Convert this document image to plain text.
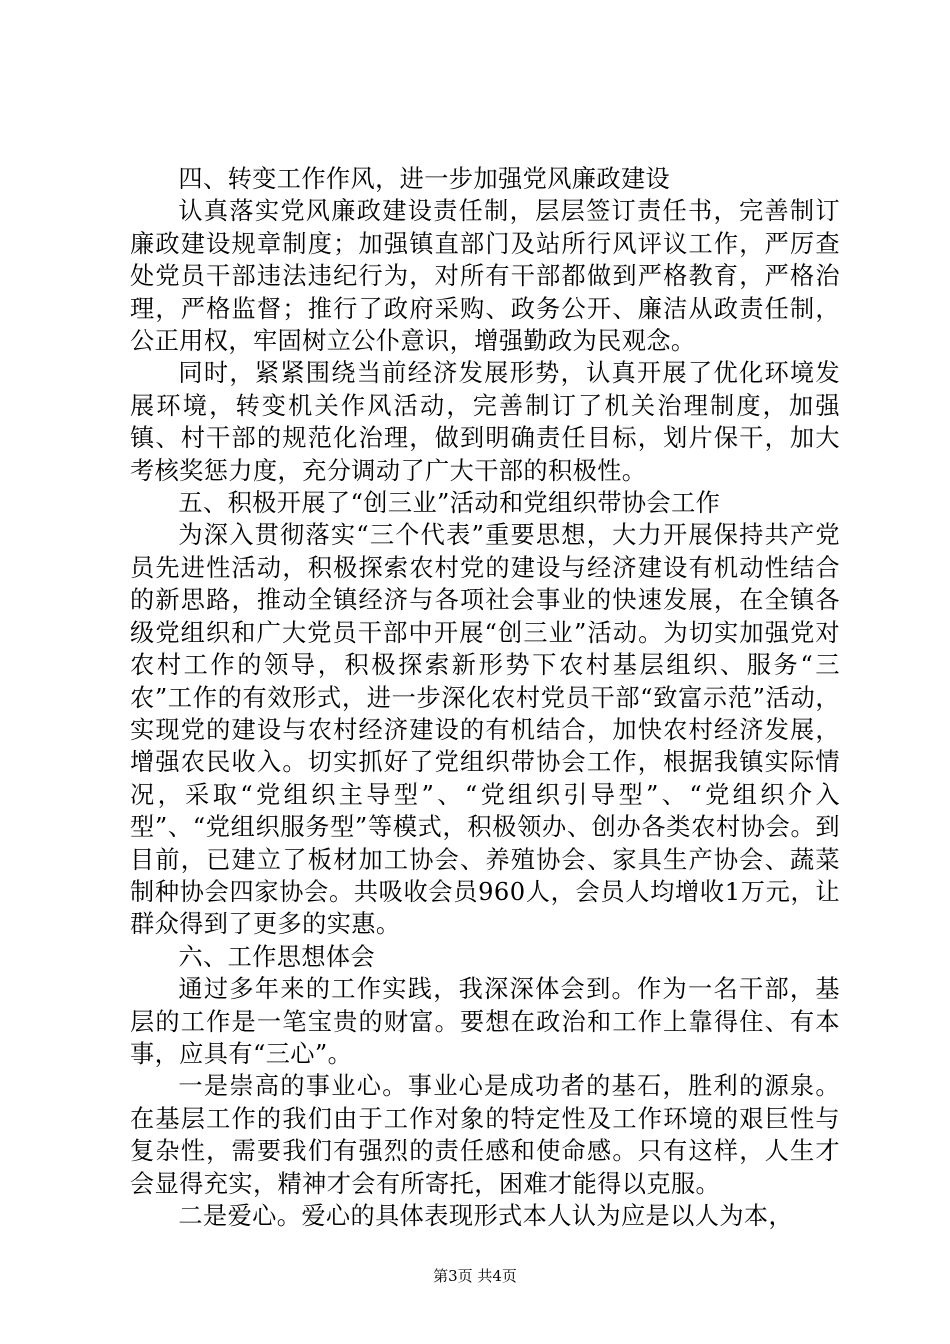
四、转变工作作风，进一步加强党风廉政建设

认真落实党风廉政建设责任制，层层签订责任书，完善制订廉政建设规章制度；加强镇直部门及站所行风评议工作，严厉查处党员干部违法违纪行为，对所有干部都做到严格教育，严格治理，严格监督；推行了政府采购、政务公开、廉洁从政责任制，公正用权，牢固树立公仆意识，增强勤政为民观念。

同时，紧紧围绕当前经济发展形势，认真开展了优化环境发展环境，转变机关作风活动，完善制订了机关治理制度，加强镇、村干部的规范化治理，做到明确责任目标，划片保干，加大考核奖惩力度，充分调动了广大干部的积极性。

五、积极开展了“创三业”活动和党组织带协会工作

为深入贯彻落实“三个代表”重要思想，大力开展保持共产党员先进性活动，积极探索农村党的建设与经济建设有机动性结合的新思路，推动全镇经济与各项社会事业的快速发展，在全镇各级党组织和广大党员干部中开展“创三业”活动。为切实加强党对农村工作的领导，积极探索新形势下农村基层组织、服务“三农”工作的有效形式，进一步深化农村党员干部“致富示范”活动，实现党的建设与农村经济建设的有机结合，加快农村经济发展，增强农民收入。切实抓好了党组织带协会工作，根据我镇实际情况，采取“党组织主导型”、“党组织引导型”、“党组织介入型”、“党组织服务型”等模式，积极领办、创办各类农村协会。到目前，已建立了板材加工协会、养殖协会、家具生产协会、蔬菜制种协会四家协会。共吸收会员960人，会员人均增收1万元，让群众得到了更多的实惠。

六、工作思想体会

通过多年来的工作实践，我深深体会到。作为一名干部，基层的工作是一笔宝贵的财富。要想在政治和工作上靠得住、有本事，应具有“三心”。

一是崇高的事业心。事业心是成功者的基石，胜利的源泉。在基层工作的我们由于工作对象的特定性及工作环境的艰巨性与复杂性，需要我们有强烈的责任感和使命感。只有这样，人生才会显得充实，精神才会有所寄托，困难才能得以克服。

二是爱心。爱心的具体表现形式本人认为应是以人为本，

第3页 共4页
